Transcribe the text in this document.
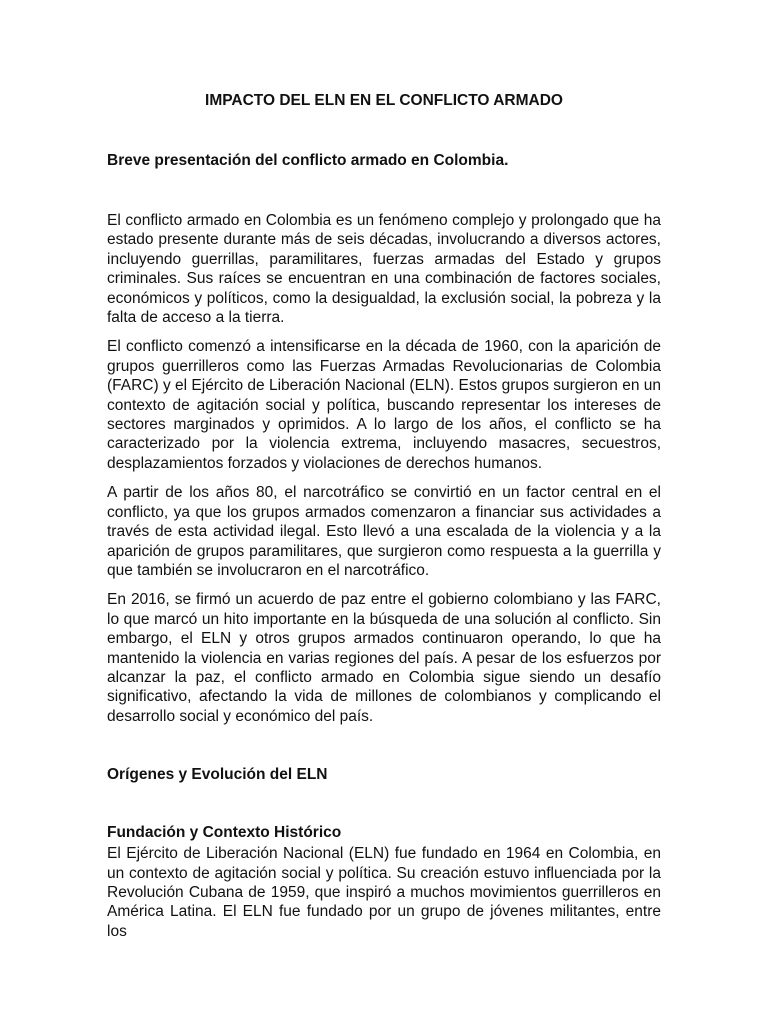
IMPACTO DEL ELN EN EL CONFLICTO ARMADO

Breve presentación del conflicto armado en Colombia.

El conflicto armado en Colombia es un fenómeno complejo y prolongado que ha estado presente durante más de seis décadas, involucrando a diversos actores, incluyendo guerrillas, paramilitares, fuerzas armadas del Estado y grupos criminales. Sus raíces se encuentran en una combinación de factores sociales, económicos y políticos, como la desigualdad, la exclusión social, la pobreza y la falta de acceso a la tierra.

El conflicto comenzó a intensificarse en la década de 1960, con la aparición de grupos guerrilleros como las Fuerzas Armadas Revolucionarias de Colombia (FARC) y el Ejército de Liberación Nacional (ELN). Estos grupos surgieron en un contexto de agitación social y política, buscando representar los intereses de sectores marginados y oprimidos. A lo largo de los años, el conflicto se ha caracterizado por la violencia extrema, incluyendo masacres, secuestros, desplazamientos forzados y violaciones de derechos humanos.

A partir de los años 80, el narcotráfico se convirtió en un factor central en el conflicto, ya que los grupos armados comenzaron a financiar sus actividades a través de esta actividad ilegal. Esto llevó a una escalada de la violencia y a la aparición de grupos paramilitares, que surgieron como respuesta a la guerrilla y que también se involucraron en el narcotráfico.

En 2016, se firmó un acuerdo de paz entre el gobierno colombiano y las FARC, lo que marcó un hito importante en la búsqueda de una solución al conflicto. Sin embargo, el ELN y otros grupos armados continuaron operando, lo que ha mantenido la violencia en varias regiones del país. A pesar de los esfuerzos por alcanzar la paz, el conflicto armado en Colombia sigue siendo un desafío significativo, afectando la vida de millones de colombianos y complicando el desarrollo social y económico del país.

Orígenes y Evolución del ELN

Fundación y Contexto Histórico

El Ejército de Liberación Nacional (ELN) fue fundado en 1964 en Colombia, en un contexto de agitación social y política. Su creación estuvo influenciada por la Revolución Cubana de 1959, que inspiró a muchos movimientos guerrilleros en América Latina. El ELN fue fundado por un grupo de jóvenes militantes, entre los
